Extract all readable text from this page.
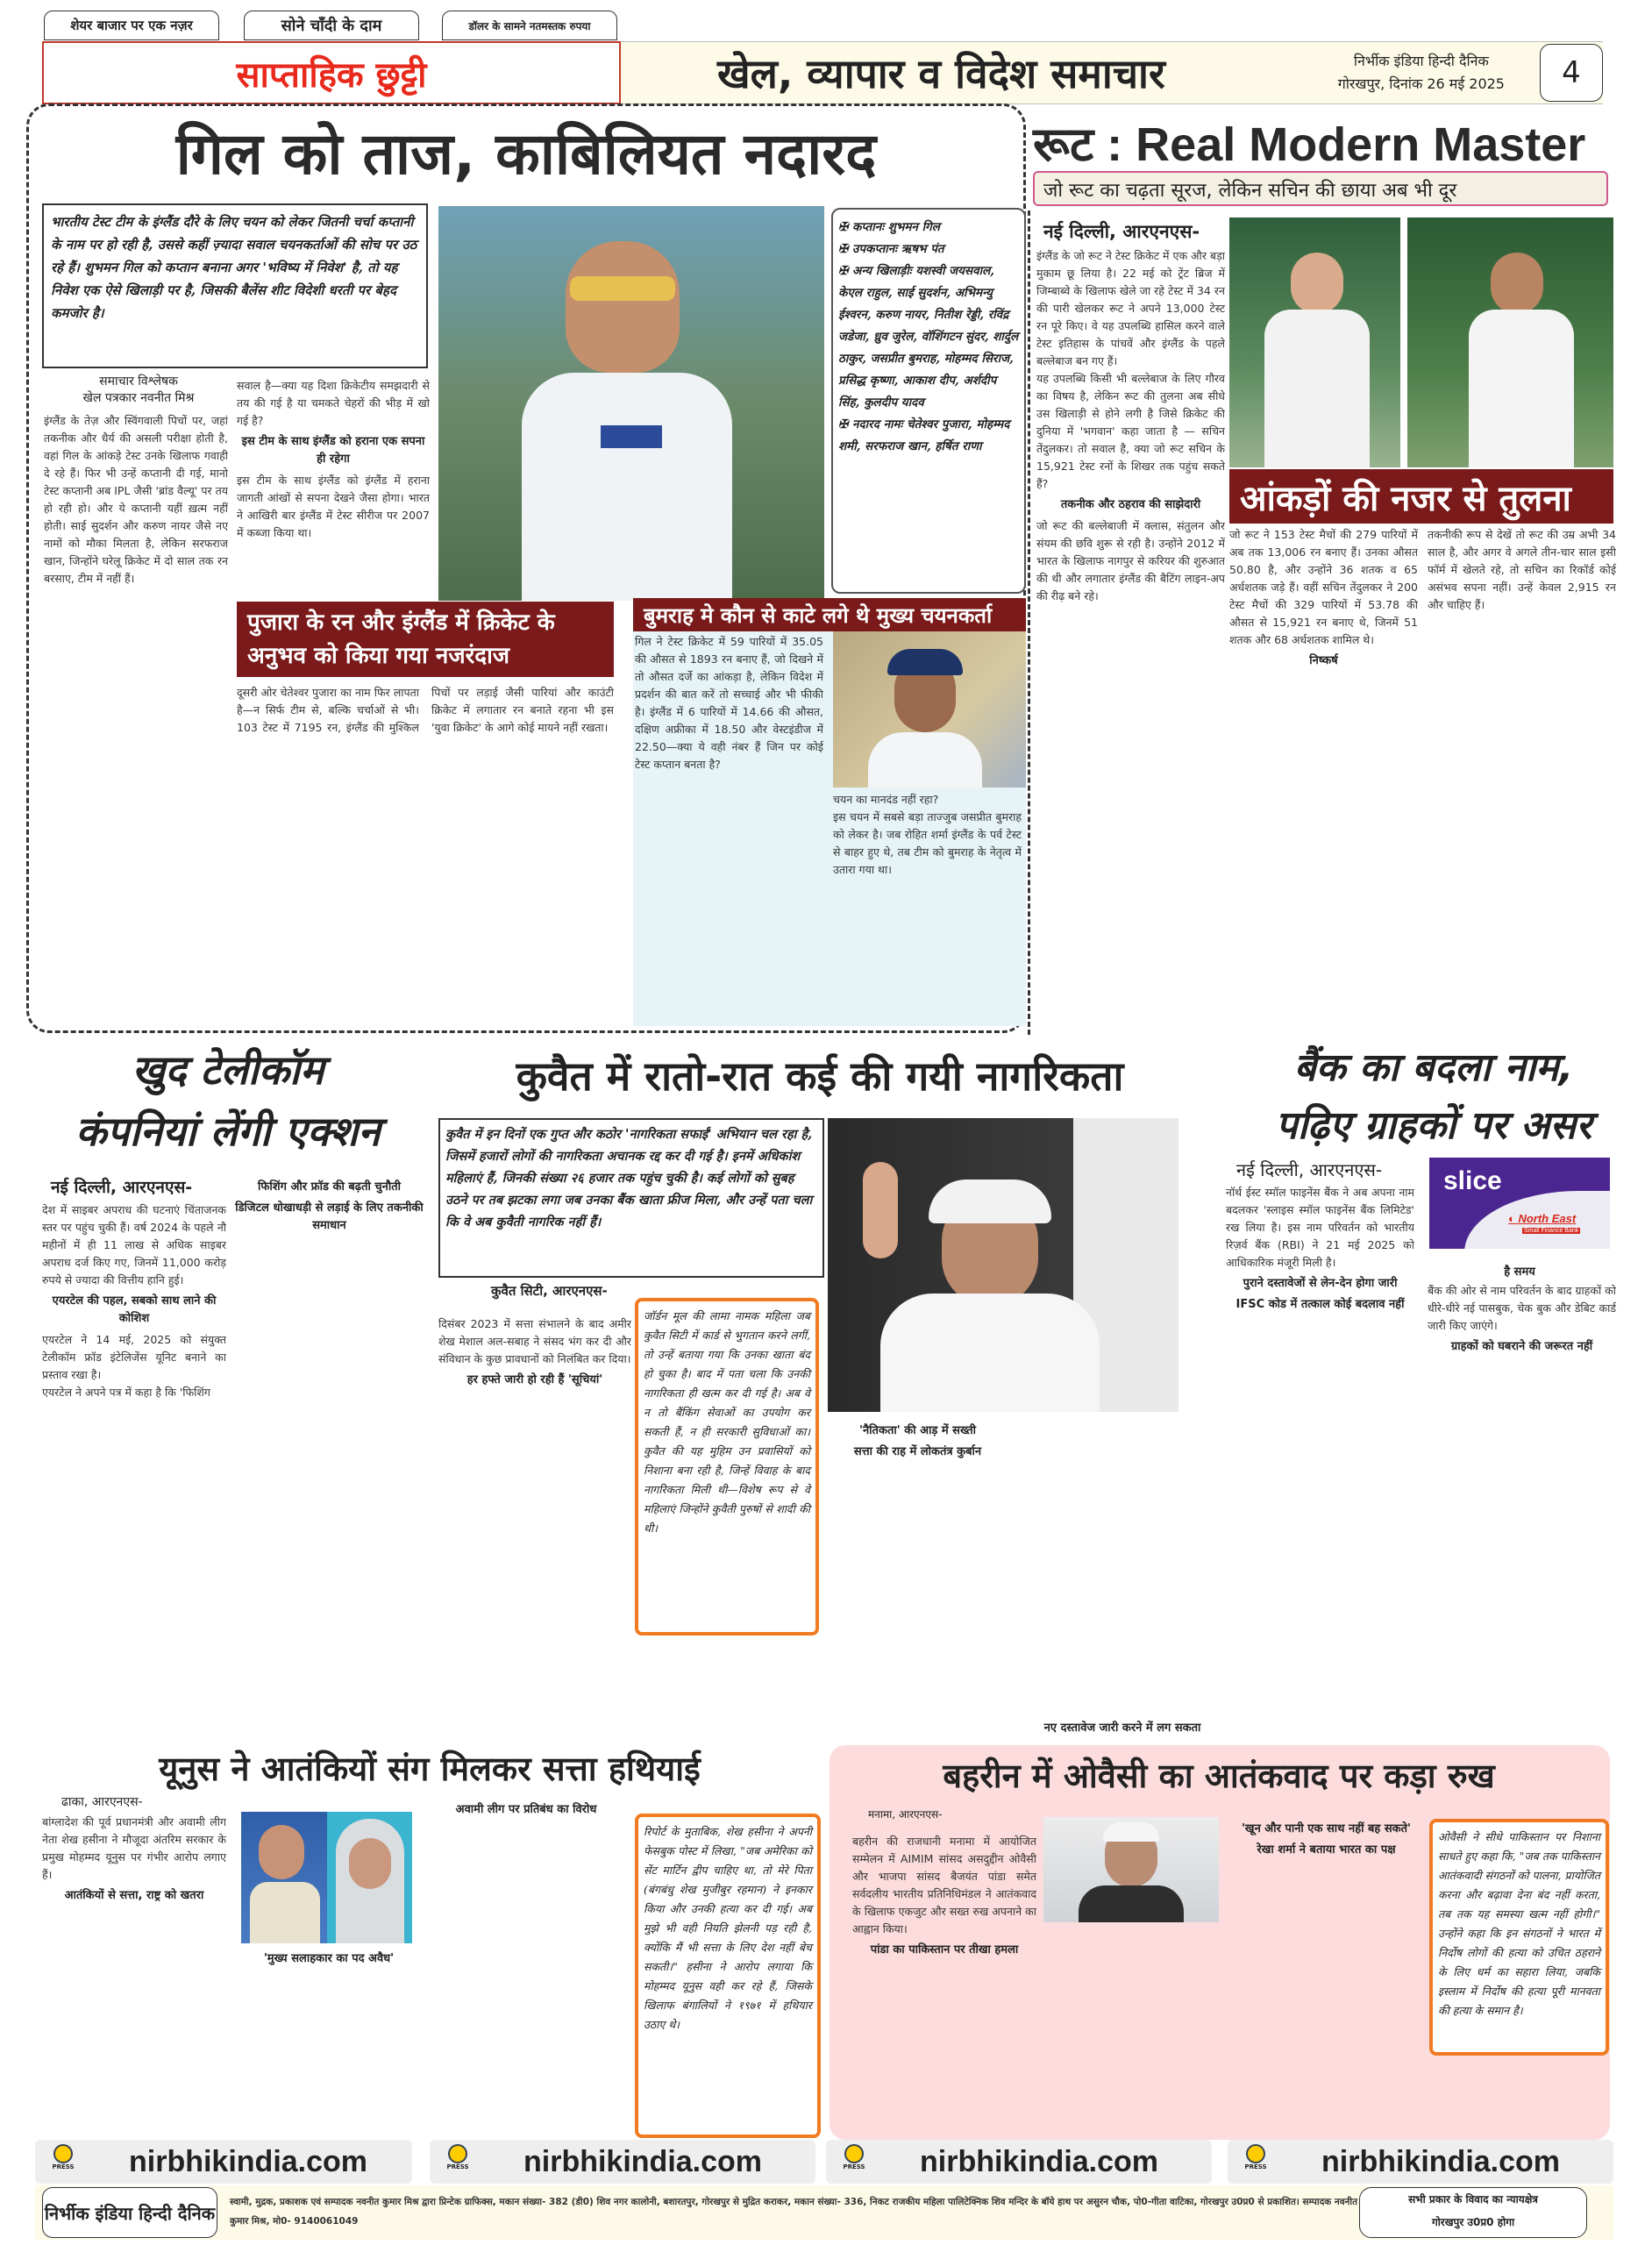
शेयर बाजार पर एक नज़र	सोने चाँदी के दाम	डॉलर के सामने नतमस्तक रुपया
साप्ताहिक छुट्टी	खेल, व्यापार व विदेश समाचार	निर्भीक इंडिया हिन्दी दैनिक
गोरखपुर, दिनांक 26 मई 2025	4
गिल को ताज, काबिलियत नदारद
भारतीय टेस्ट टीम के इंग्लैंड दौरे के लिए चयन को लेकर जितनी चर्चा कप्तानी के नाम पर हो रही है, उससे कहीं ज़्यादा सवाल चयनकर्ताओं की सोच पर उठ रहे हैं। शुभमन गिल को कप्तान बनाना अगर 'भविष्य में निवेश' है, तो यह निवेश एक ऐसे खिलाड़ी पर है, जिसकी बैलेंस शीट विदेशी धरती पर बेहद कमजोर है।
✠ कप्तानः शुभमन गिल
✠ उपकप्तानः ऋषभ पंत
✠ अन्य खिलाड़ीः यशस्वी जयसवाल, केएल राहुल, साई सुदर्शन, अभिमन्यु ईश्वरन, करुण नायर, नितीश रेड्डी, रविंद्र जडेजा, ध्रुव जुरेल, वॉशिंगटन सुंदर, शार्दुल ठाकुर, जसप्रीत बुमराह, मोहम्मद सिराज, प्रसिद्ध कृष्णा, आकाश दीप, अर्शदीप सिंह, कुलदीप यादव
✠ नदारद नामः चेतेश्वर पुजारा, मोहम्मद शमी, सरफराज खान, हर्षित राणा
समाचार विश्लेषक
खेल पत्रकार नवनीत मिश्र
इंग्लैंड के तेज़ और स्विंगवाली पिचों पर, जहां तकनीक और धैर्य की असली परीक्षा होती है, वहां गिल के आंकड़े टेस्ट उनके खिलाफ गवाही दे रहे हैं। फिर भी उन्हें कप्तानी दी गई, मानो टेस्ट कप्तानी अब IPL जैसी 'ब्रांड वैल्यू' पर तय हो रही हो। और ये कप्तानी यहीं ख़त्म नहीं होती। साई सुदर्शन और करुण नायर जैसे नए नामों को मौका मिलता है, लेकिन सरफराज खान, जिन्होंने घरेलू क्रिकेट में दो साल तक रन बरसाए, टीम में नहीं हैं।
सवाल है—क्या यह दिशा क्रिकेटीय समझदारी से तय की गई है या चमकते चेहरों की भीड़ में खो गई है?
इस टीम के साथ इंग्लैंड को हराना एक सपना ही रहेगा
इस टीम के साथ इंग्लैंड को इंग्लैंड में हराना जागती आंखों से सपना देखने जैसा होगा। भारत ने आखिरी बार इंग्लैंड में टेस्ट सीरीज पर 2007 में कब्जा किया था।
पुजारा के रन और इंग्लैंड में क्रिकेट के अनुभव को किया गया नजरंदाज
दूसरी ओर चेतेश्वर पुजारा का नाम फिर लापता है—न सिर्फ टीम से, बल्कि चर्चाओं से भी। 103 टेस्ट में 7195 रन, इंग्लैंड की मुश्किल पिचों पर लड़ाई जैसी पारियां और काउंटी क्रिकेट में लगातार रन बनाते रहना भी इस 'युवा क्रिकेट' के आगे कोई मायने नहीं रखता।
बुमराह मे कौन से काटे लगे थे मुख्य चयनकर्ता
गिल ने टेस्ट क्रिकेट में 59 पारियों में 35.05 की औसत से 1893 रन बनाए हैं, जो दिखने में तो औसत दर्जे का आंकड़ा है, लेकिन विदेश में प्रदर्शन की बात करें तो सच्चाई और भी फीकी है। इंग्लैंड में 6 पारियों में 14.66 की औसत, दक्षिण अफ्रीका में 18.50 और वेस्टइंडीज में 22.50—क्या ये वही नंबर हैं जिन पर कोई टेस्ट कप्तान बनता है?
चयन का मानदंड नहीं रहा?
इस चयन में सबसे बड़ा ताज्जुब जसप्रीत बुमराह को लेकर है। जब रोहित शर्मा इंग्लैंड के पर्व टेस्ट से बाहर हुए थे, तब टीम को बुमराह के नेतृत्व में उतारा गया था।
रूट : Real Modern Master
जो रूट का चढ़ता सूरज, लेकिन सचिन की छाया अब भी दूर
नई दिल्ली, आरएनएस-
इंग्लैंड के जो रूट ने टेस्ट क्रिकेट में एक और बड़ा मुकाम छू लिया है। 22 मई को ट्रेंट ब्रिज में जिम्बाब्वे के खिलाफ खेले जा रहे टेस्ट में 34 रन की पारी खेलकर रूट ने अपने 13,000 टेस्ट रन पूरे किए। वे यह उपलब्धि हासिल करने वाले टेस्ट इतिहास के पांचवें और इंग्लैंड के पहले बल्लेबाज बन गए हैं।
यह उपलब्धि किसी भी बल्लेबाज के लिए गौरव का विषय है, लेकिन रूट की तुलना अब सीधे उस खिलाड़ी से होने लगी है जिसे क्रिकेट की दुनिया में 'भगवान' कहा जाता है — सचिन तेंदुलकर। तो सवाल है, क्या जो रूट सचिन के 15,921 टेस्ट रनों के शिखर तक पहुंच सकते हैं?
तकनीक और ठहराव की साझेदारी
जो रूट की बल्लेबाजी में क्लास, संतुलन और संयम की छवि शुरू से रही है। उन्होंने 2012 में भारत के खिलाफ नागपुर से करियर की शुरुआत की थी और लगातार इंग्लैंड की बैटिंग लाइन-अप की रीढ़ बने रहे।
आंकड़ों की नजर से तुलना
जो रूट ने 153 टेस्ट मैचों की 279 पारियों में अब तक 13,006 रन बनाए हैं। उनका औसत 50.80 है, और उन्होंने 36 शतक व 65 अर्धशतक जड़े हैं। वहीं सचिन तेंदुलकर ने 200 टेस्ट मैचों की 329 पारियों में 53.78 की औसत से 15,921 रन बनाए थे, जिनमें 51 शतक और 68 अर्धशतक शामिल थे।
निष्कर्ष
तकनीकी रूप से देखें तो रूट की उम्र अभी 34 साल है, और अगर वे अगले तीन-चार साल इसी फॉर्म में खेलते रहे, तो सचिन का रिकॉर्ड कोई असंभव सपना नहीं। उन्हें केवल 2,915 रन और चाहिए हैं।
खुद टेलीकॉम
कंपनियां लेंगी एक्शन
नई दिल्ली, आरएनएस-
देश में साइबर अपराध की घटनाएं चिंताजनक स्तर पर पहुंच चुकी हैं। वर्ष 2024 के पहले नौ महीनों में ही 11 लाख से अधिक साइबर अपराध दर्ज किए गए, जिनमें 11,000 करोड़ रुपये से ज्यादा की वित्तीय हानि हुई।
एयरटेल की पहल, सबको साथ लाने की कोशिश
एयरटेल ने 14 मई, 2025 को संयुक्त टेलीकॉम फ्रॉड इंटेलिजेंस यूनिट बनाने का प्रस्ताव रखा है।
एयरटेल ने अपने पत्र में कहा है कि 'फिशिंग
फिशिंग और फ्रॉड की बढ़ती चुनौती
डिजिटल धोखाधड़ी से लड़ाई के लिए तकनीकी समाधान
कुवैत में रातो-रात कई की गयी नागरिकता
कुवैत में इन दिनों एक गुप्त और कठोर 'नागरिकता सफाई' अभियान चल रहा है, जिसमें हजारों लोगों की नागरिकता अचानक रद्द कर दी गई है। इनमें अधिकांश महिलाएं हैं, जिनकी संख्या २६ हजार तक पहुंच चुकी है। कई लोगों को सुबह उठने पर तब झटका लगा जब उनका बैंक खाता फ्रीज मिला, और उन्हें पता चला कि वे अब कुवैती नागरिक नहीं हैं।
कुवैत सिटी, आरएनएस-
दिसंबर 2023 में सत्ता संभालने के बाद अमीर शेख मेशाल अल-सबाह ने संसद भंग कर दी और संविधान के कुछ प्रावधानों को निलंबित कर दिया।
हर हफ्ते जारी हो रही हैं 'सूचियां'
जॉर्डन मूल की लामा नामक महिला जब कुवैत सिटी में कार्ड से भुगतान करने लगीं, तो उन्हें बताया गया कि उनका खाता बंद हो चुका है। बाद में पता चला कि उनकी नागरिकता ही खत्म कर दी गई है। अब वे न तो बैंकिंग सेवाओं का उपयोग कर सकती हैं, न ही सरकारी सुविधाओं का। कुवैत की यह मुहिम उन प्रवासियों को निशाना बना रही है, जिन्हें विवाह के बाद नागरिकता मिली थी—विशेष रूप से वे महिलाएं जिन्होंने कुवैती पुरुषों से शादी की थी।
'नैतिकता' की आड़ में सख्ती
सत्ता की राह में लोकतंत्र कुर्बान
नए दस्तावेज जारी करने में लग सकता
बैंक का बदला नाम,
पढ़िए ग्राहकों पर असर
नई दिल्ली, आरएनएस-
नॉर्थ ईस्ट स्मॉल फाइनेंस बैंक ने अब अपना नाम बदलकर 'स्लाइस स्मॉल फाइनेंस बैंक लिमिटेड' रख लिया है। इस नाम परिवर्तन को भारतीय रिज़र्व बैंक (RBI) ने 21 मई 2025 को आधिकारिक मंजूरी मिली है।
पुराने दस्तावेजों से लेन-देन होगा जारी
IFSC कोड में तत्काल कोई बदलाव नहीं
slice
◐ North East
Small Finance Bank
है समय
बैंक की ओर से नाम परिवर्तन के बाद ग्राहकों को धीरे-धीरे नई पासबुक, चेक बुक और डेबिट कार्ड जारी किए जाएंगे।
ग्राहकों को घबराने की जरूरत नहीं
यूनुस ने आतंकियों संग मिलकर सत्ता हथियाई
ढाका, आरएनएस-
बांग्लादेश की पूर्व प्रधानमंत्री और अवामी लीग नेता शेख हसीना ने मौजूदा अंतरिम सरकार के प्रमुख मोहम्मद यूनुस पर गंभीर आरोप लगाए हैं।
आतंकियों से सत्ता, राष्ट्र को खतरा
'मुख्य सलाहकार का पद अवैध'
अवामी लीग पर प्रतिबंध का विरोध
रिपोर्ट के मुताबिक, शेख हसीना ने अपनी फेसबुक पोस्ट में लिखा, "जब अमेरिका को सेंट मार्टिन द्वीप चाहिए था, तो मेरे पिता (बंगबंधु शेख मुजीबुर रहमान) ने इनकार किया और उनकी हत्या कर दी गई। अब मुझे भी वही नियति झेलनी पड़ रही है, क्योंकि मैं भी सत्ता के लिए देश नहीं बेच सकती।" हसीना ने आरोप लगाया कि मोहम्मद यूनुस वही कर रहे हैं, जिसके खिलाफ बंगालियों ने १९७१ में हथियार उठाए थे।
बहरीन में ओवैसी का आतंकवाद पर कड़ा रुख
मनामा, आरएनएस-
बहरीन की राजधानी मनामा में आयोजित सम्मेलन में AIMIM सांसद असदुद्दीन ओवैसी और भाजपा सांसद बैजयंत पांडा समेत सर्वदलीय भारतीय प्रतिनिधिमंडल ने आतंकवाद के खिलाफ एकजुट और सख्त रुख अपनाने का आह्वान किया।
पांडा का पाकिस्तान पर तीखा हमला
'खून और पानी एक साथ नहीं बह सकते'
रेखा शर्मा ने बताया भारत का पक्ष
ओवैसी ने सीधे पाकिस्तान पर निशाना साधते हुए कहा कि, "जब तक पाकिस्तान आतंकवादी संगठनों को पालना, प्रायोजित करना और बढ़ावा देना बंद नहीं करता, तब तक यह समस्या खत्म नहीं होगी।" उन्होंने कहा कि इन संगठनों ने भारत में निर्दोष लोगों की हत्या को उचित ठहराने के लिए धर्म का सहारा लिया, जबकि इस्लाम में निर्दोष की हत्या पूरी मानवता की हत्या के समान है।
PRESS nirbhikindia.com	PRESS nirbhikindia.com	PRESS nirbhikindia.com	PRESS nirbhikindia.com
निर्भीक इंडिया हिन्दी दैनिक
स्वामी, मुद्रक, प्रकाशक एवं सम्पादक नवनीत कुमार मिश्र द्वारा प्रिन्टेक ग्राफिक्स, मकान संख्या- 382 (डी0) शिव नगर कालोनी, बशारतपुर, गोरखपुर से मुद्रित कराकर, मकान संख्या- 336, निकट राजकीय महिला पालिटेक्निक शिव मन्दिर के बॉये हाथ पर असुरन चौक, पो0-गीता वाटिका, गोरखपुर उ0प्र0 से प्रकाशित। सम्पादक नवनीत कुमार मिश्र, मो0- 9140061049
सभी प्रकार के विवाद का न्यायक्षेत्र
गोरखपुर उ0प्र0 होगा
